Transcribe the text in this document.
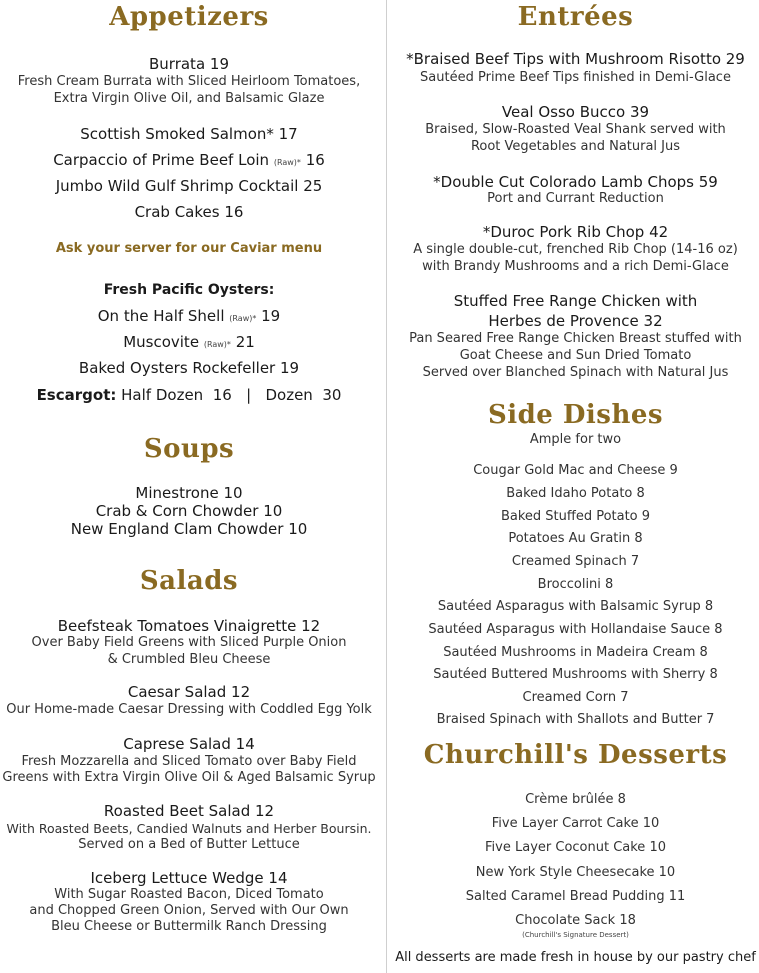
Appetizers
Burrata 19
Fresh Cream Burrata with Sliced Heirloom Tomatoes,
Extra Virgin Olive Oil, and Balsamic Glaze
Scottish Smoked Salmon* 17
Carpaccio of Prime Beef Loin (Raw)* 16
Jumbo Wild Gulf Shrimp Cocktail 25
Crab Cakes 16
Ask your server for our Caviar menu
Fresh Pacific Oysters:
On the Half Shell (Raw)* 19
Muscovite (Raw)* 21
Baked Oysters Rockefeller 19
Escargot: Half Dozen  16   |   Dozen  30
Soups
Minestrone 10
Crab & Corn Chowder 10
New England Clam Chowder 10
Salads
Beefsteak Tomatoes Vinaigrette 12
Over Baby Field Greens with Sliced Purple Onion
& Crumbled Bleu Cheese
Caesar Salad 12
Our Home-made Caesar Dressing with Coddled Egg Yolk
Caprese Salad 14
Fresh Mozzarella and Sliced Tomato over Baby Field
Greens with Extra Virgin Olive Oil & Aged Balsamic Syrup
Roasted Beet Salad 12
With Roasted Beets, Candied Walnuts and Herber Boursin.
Served on a Bed of Butter Lettuce
Iceberg Lettuce Wedge 14
With Sugar Roasted Bacon, Diced Tomato
and Chopped Green Onion, Served with Our Own
Bleu Cheese or Buttermilk Ranch Dressing
Entrées
*Braised Beef Tips with Mushroom Risotto 29
Sautéed Prime Beef Tips finished in Demi-Glace
Veal Osso Bucco 39
Braised, Slow-Roasted Veal Shank served with
Root Vegetables and Natural Jus
*Double Cut Colorado Lamb Chops 59
Port and Currant Reduction
*Duroc Pork Rib Chop 42
A single double-cut, frenched Rib Chop (14-16 oz)
with Brandy Mushrooms and a rich Demi-Glace
Stuffed Free Range Chicken with
Herbes de Provence 32
Pan Seared Free Range Chicken Breast stuffed with
Goat Cheese and Sun Dried Tomato
Served over Blanched Spinach with Natural Jus
Side Dishes
Ample for two
Cougar Gold Mac and Cheese 9
Baked Idaho Potato 8
Baked Stuffed Potato 9
Potatoes Au Gratin 8
Creamed Spinach 7
Broccolini 8
Sautéed Asparagus with Balsamic Syrup 8
Sautéed Asparagus with Hollandaise Sauce 8
Sautéed Mushrooms in Madeira Cream 8
Sautéed Buttered Mushrooms with Sherry 8
Creamed Corn 7
Braised Spinach with Shallots and Butter 7
Churchill's Desserts
Crème brûlée 8
Five Layer Carrot Cake 10
Five Layer Coconut Cake 10
New York Style Cheesecake 10
Salted Caramel Bread Pudding 11
Chocolate Sack 18
(Churchill's Signature Dessert)
All desserts are made fresh in house by our pastry chef
